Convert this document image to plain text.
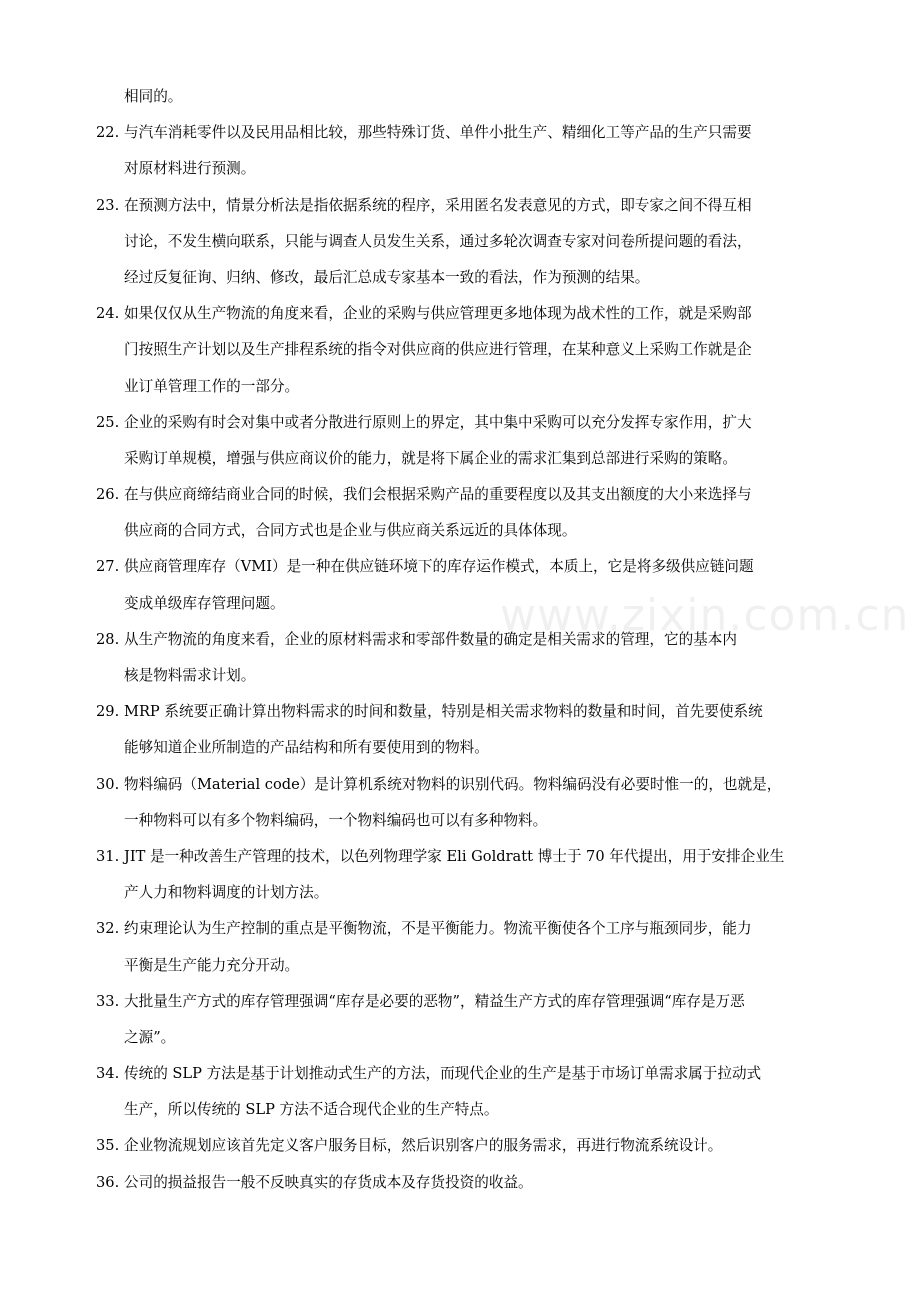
相同的。
22. 与汽车消耗零件以及民用品相比较，那些特殊订货、单件小批生产、精细化工等产品的生产只需要
对原材料进行预测。
23. 在预测方法中，情景分析法是指依据系统的程序，采用匿名发表意见的方式，即专家之间不得互相
讨论，不发生横向联系，只能与调查人员发生关系，通过多轮次调查专家对问卷所提问题的看法，
经过反复征询、归纳、修改，最后汇总成专家基本一致的看法，作为预测的结果。
24. 如果仅仅从生产物流的角度来看，企业的采购与供应管理更多地体现为战术性的工作，就是采购部
门按照生产计划以及生产排程系统的指令对供应商的供应进行管理，在某种意义上采购工作就是企
业订单管理工作的一部分。
25. 企业的采购有时会对集中或者分散进行原则上的界定，其中集中采购可以充分发挥专家作用，扩大
采购订单规模，增强与供应商议价的能力，就是将下属企业的需求汇集到总部进行采购的策略。
26. 在与供应商缔结商业合同的时候，我们会根据采购产品的重要程度以及其支出额度的大小来选择与
供应商的合同方式，合同方式也是企业与供应商关系远近的具体体现。
27. 供应商管理库存（VMI）是一种在供应链环境下的库存运作模式，本质上，它是将多级供应链问题
变成单级库存管理问题。
28. 从生产物流的角度来看，企业的原材料需求和零部件数量的确定是相关需求的管理，它的基本内
核是物料需求计划。
29. MRP 系统要正确计算出物料需求的时间和数量，特别是相关需求物料的数量和时间，首先要使系统
能够知道企业所制造的产品结构和所有要使用到的物料。
30. 物料编码（Material code）是计算机系统对物料的识别代码。物料编码没有必要时惟一的，也就是，
一种物料可以有多个物料编码，一个物料编码也可以有多种物料。
31. JIT 是一种改善生产管理的技术，以色列物理学家 Eli Goldratt 博士于 70 年代提出，用于安排企业生
产人力和物料调度的计划方法。
32. 约束理论认为生产控制的重点是平衡物流，不是平衡能力。物流平衡使各个工序与瓶颈同步，能力
平衡是生产能力充分开动。
33. 大批量生产方式的库存管理强调“库存是必要的恶物”，精益生产方式的库存管理强调“库存是万恶
之源”。
34. 传统的 SLP 方法是基于计划推动式生产的方法，而现代企业的生产是基于市场订单需求属于拉动式
生产，所以传统的 SLP 方法不适合现代企业的生产特点。
35. 企业物流规划应该首先定义客户服务目标，然后识别客户的服务需求，再进行物流系统设计。
36. 公司的损益报告一般不反映真实的存货成本及存货投资的收益。
www.zixin.com.cn
